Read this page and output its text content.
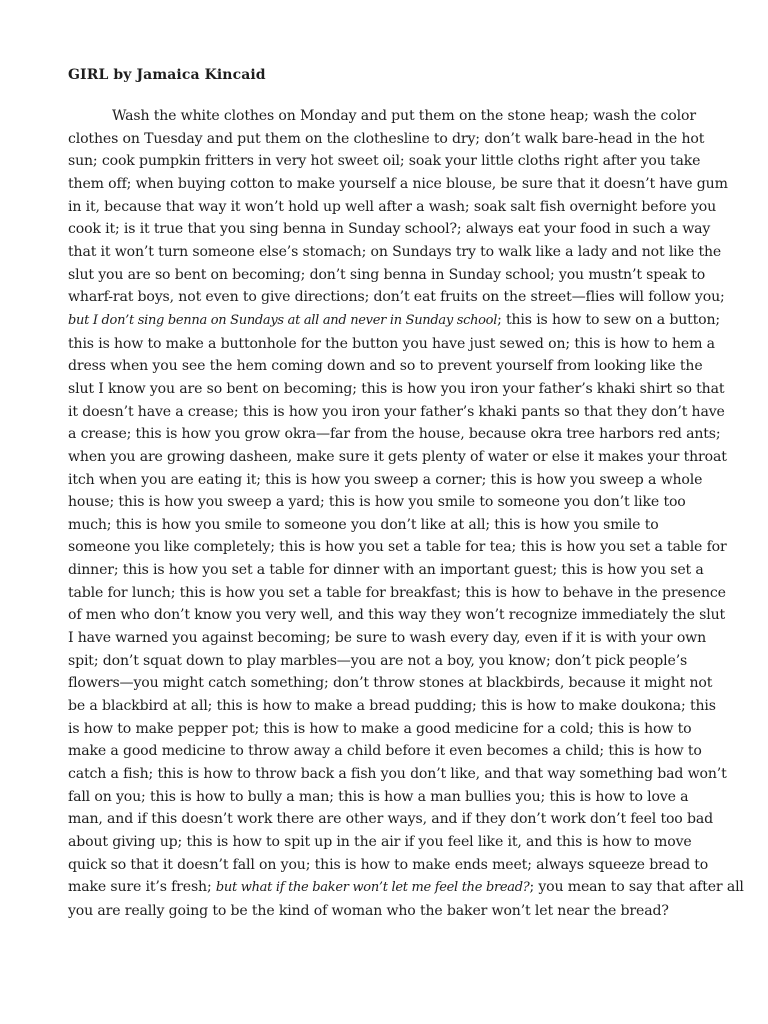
GIRL by Jamaica Kincaid
Wash the white clothes on Monday and put them on the stone heap; wash the color
clothes on Tuesday and put them on the clothesline to dry; don’t walk bare-head in the hot
sun; cook pumpkin fritters in very hot sweet oil; soak your little cloths right after you take
them off; when buying cotton to make yourself a nice blouse, be sure that it doesn’t have gum
in it, because that way it won’t hold up well after a wash; soak salt fish overnight before you
cook it; is it true that you sing benna in Sunday school?; always eat your food in such a way
that it won’t turn someone else’s stomach; on Sundays try to walk like a lady and not like the
slut you are so bent on becoming; don’t sing benna in Sunday school; you mustn’t speak to
wharf-rat boys, not even to give directions; don’t eat fruits on the street—flies will follow you;
but I don’t sing benna on Sundays at all and never in Sunday school; this is how to sew on a button;
this is how to make a buttonhole for the button you have just sewed on; this is how to hem a
dress when you see the hem coming down and so to prevent yourself from looking like the
slut I know you are so bent on becoming; this is how you iron your father’s khaki shirt so that
it doesn’t have a crease; this is how you iron your father’s khaki pants so that they don’t have
a crease; this is how you grow okra—far from the house, because okra tree harbors red ants;
when you are growing dasheen, make sure it gets plenty of water or else it makes your throat
itch when you are eating it; this is how you sweep a corner; this is how you sweep a whole
house; this is how you sweep a yard; this is how you smile to someone you don’t like too
much; this is how you smile to someone you don’t like at all; this is how you smile to
someone you like completely; this is how you set a table for tea; this is how you set a table for
dinner; this is how you set a table for dinner with an important guest; this is how you set a
table for lunch; this is how you set a table for breakfast; this is how to behave in the presence
of men who don’t know you very well, and this way they won’t recognize immediately the slut
I have warned you against becoming; be sure to wash every day, even if it is with your own
spit; don’t squat down to play marbles—you are not a boy, you know; don’t pick people’s
flowers—you might catch something; don’t throw stones at blackbirds, because it might not
be a blackbird at all; this is how to make a bread pudding; this is how to make doukona; this
is how to make pepper pot; this is how to make a good medicine for a cold; this is how to
make a good medicine to throw away a child before it even becomes a child; this is how to
catch a fish; this is how to throw back a fish you don’t like, and that way something bad won’t
fall on you; this is how to bully a man; this is how a man bullies you; this is how to love a
man, and if this doesn’t work there are other ways, and if they don’t work don’t feel too bad
about giving up; this is how to spit up in the air if you feel like it, and this is how to move
quick so that it doesn’t fall on you; this is how to make ends meet; always squeeze bread to
make sure it’s fresh; but what if the baker won’t let me feel the bread?; you mean to say that after all
you are really going to be the kind of woman who the baker won’t let near the bread?
